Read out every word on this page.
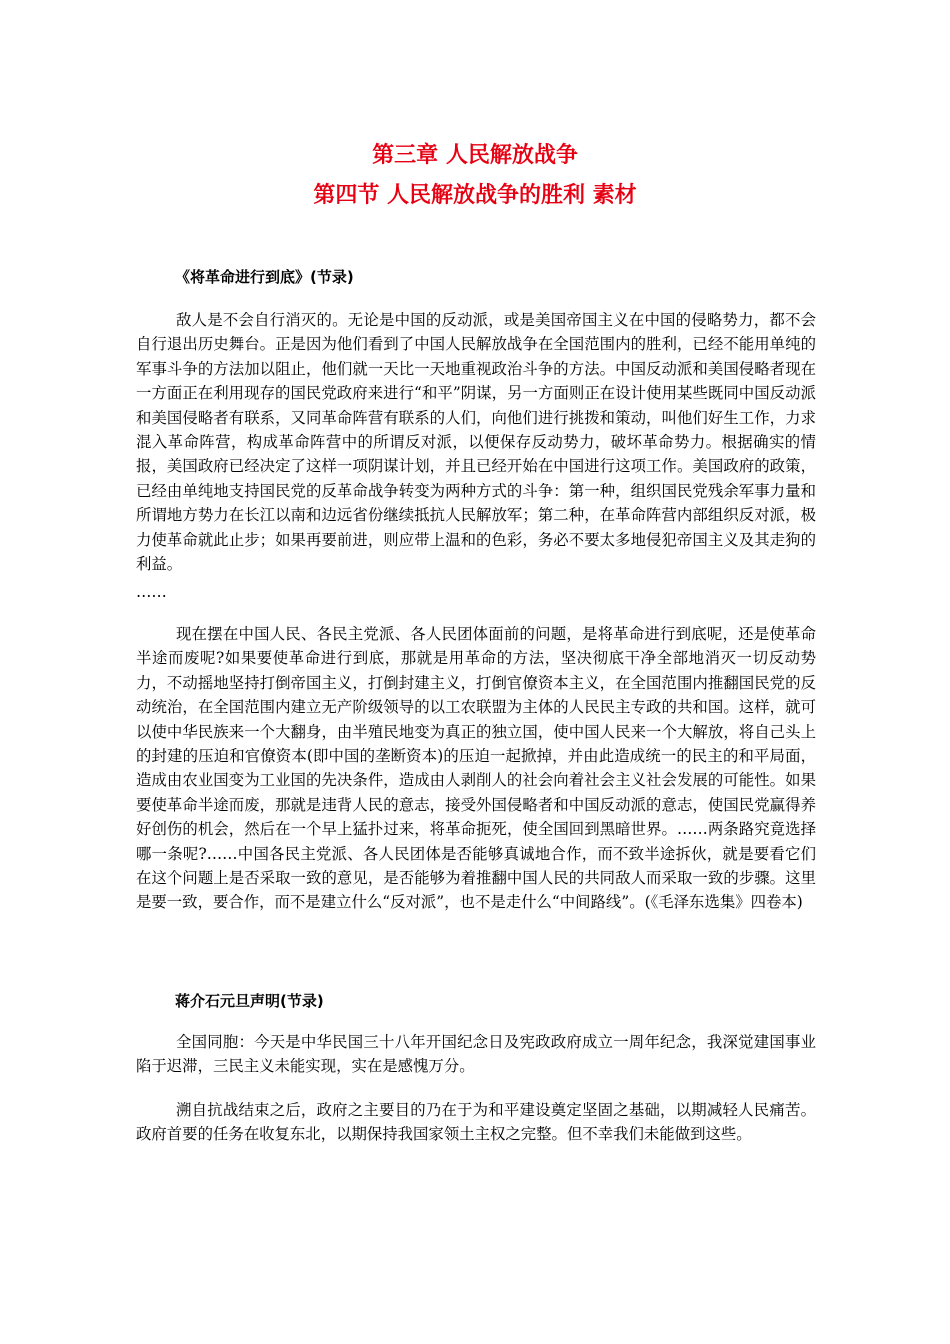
第三章 人民解放战争
第四节 人民解放战争的胜利 素材
《将革命进行到底》(节录)
敌人是不会自行消灭的。无论是中国的反动派，或是美国帝国主义在中国的侵略势力，都不会自行退出历史舞台。正是因为他们看到了中国人民解放战争在全国范围内的胜利，已经不能用单纯的军事斗争的方法加以阻止，他们就一天比一天地重视政治斗争的方法。中国反动派和美国侵略者现在一方面正在利用现存的国民党政府来进行“和平”阴谋，另一方面则正在设计使用某些既同中国反动派和美国侵略者有联系，又同革命阵营有联系的人们，向他们进行挑拨和策动，叫他们好生工作，力求混入革命阵营，构成革命阵营中的所谓反对派，以便保存反动势力，破坏革命势力。根据确实的情报，美国政府已经决定了这样一项阴谋计划，并且已经开始在中国进行这项工作。美国政府的政策，已经由单纯地支持国民党的反革命战争转变为两种方式的斗争：第一种，组织国民党残余军事力量和所谓地方势力在长江以南和边远省份继续抵抗人民解放军；第二种，在革命阵营内部组织反对派，极力使革命就此止步；如果再要前进，则应带上温和的色彩，务必不要太多地侵犯帝国主义及其走狗的利益。
……
现在摆在中国人民、各民主党派、各人民团体面前的问题，是将革命进行到底呢，还是使革命半途而废呢?如果要使革命进行到底，那就是用革命的方法，坚决彻底干净全部地消灭一切反动势力，不动摇地坚持打倒帝国主义，打倒封建主义，打倒官僚资本主义，在全国范围内推翻国民党的反动统治，在全国范围内建立无产阶级领导的以工农联盟为主体的人民民主专政的共和国。这样，就可以使中华民族来一个大翻身，由半殖民地变为真正的独立国，使中国人民来一个大解放，将自己头上的封建的压迫和官僚资本(即中国的垄断资本)的压迫一起掀掉，并由此造成统一的民主的和平局面，造成由农业国变为工业国的先决条件，造成由人剥削人的社会向着社会主义社会发展的可能性。如果要使革命半途而废，那就是违背人民的意志，接受外国侵略者和中国反动派的意志，使国民党赢得养好创伤的机会，然后在一个早上猛扑过来，将革命扼死，使全国回到黑暗世界。……两条路究竟选择哪一条呢?……中国各民主党派、各人民团体是否能够真诚地合作，而不致半途拆伙，就是要看它们在这个问题上是否采取一致的意见，是否能够为着推翻中国人民的共同敌人而采取一致的步骤。这里是要一致，要合作，而不是建立什么“反对派”，也不是走什么“中间路线”。(《毛泽东选集》四卷本)
蒋介石元旦声明(节录)
全国同胞：今天是中华民国三十八年开国纪念日及宪政政府成立一周年纪念，我深觉建国事业陷于迟滞，三民主义未能实现，实在是感愧万分。
溯自抗战结束之后，政府之主要目的乃在于为和平建设奠定坚固之基础，以期减轻人民痛苦。政府首要的任务在收复东北，以期保持我国家领土主权之完整。但不幸我们未能做到这些。
